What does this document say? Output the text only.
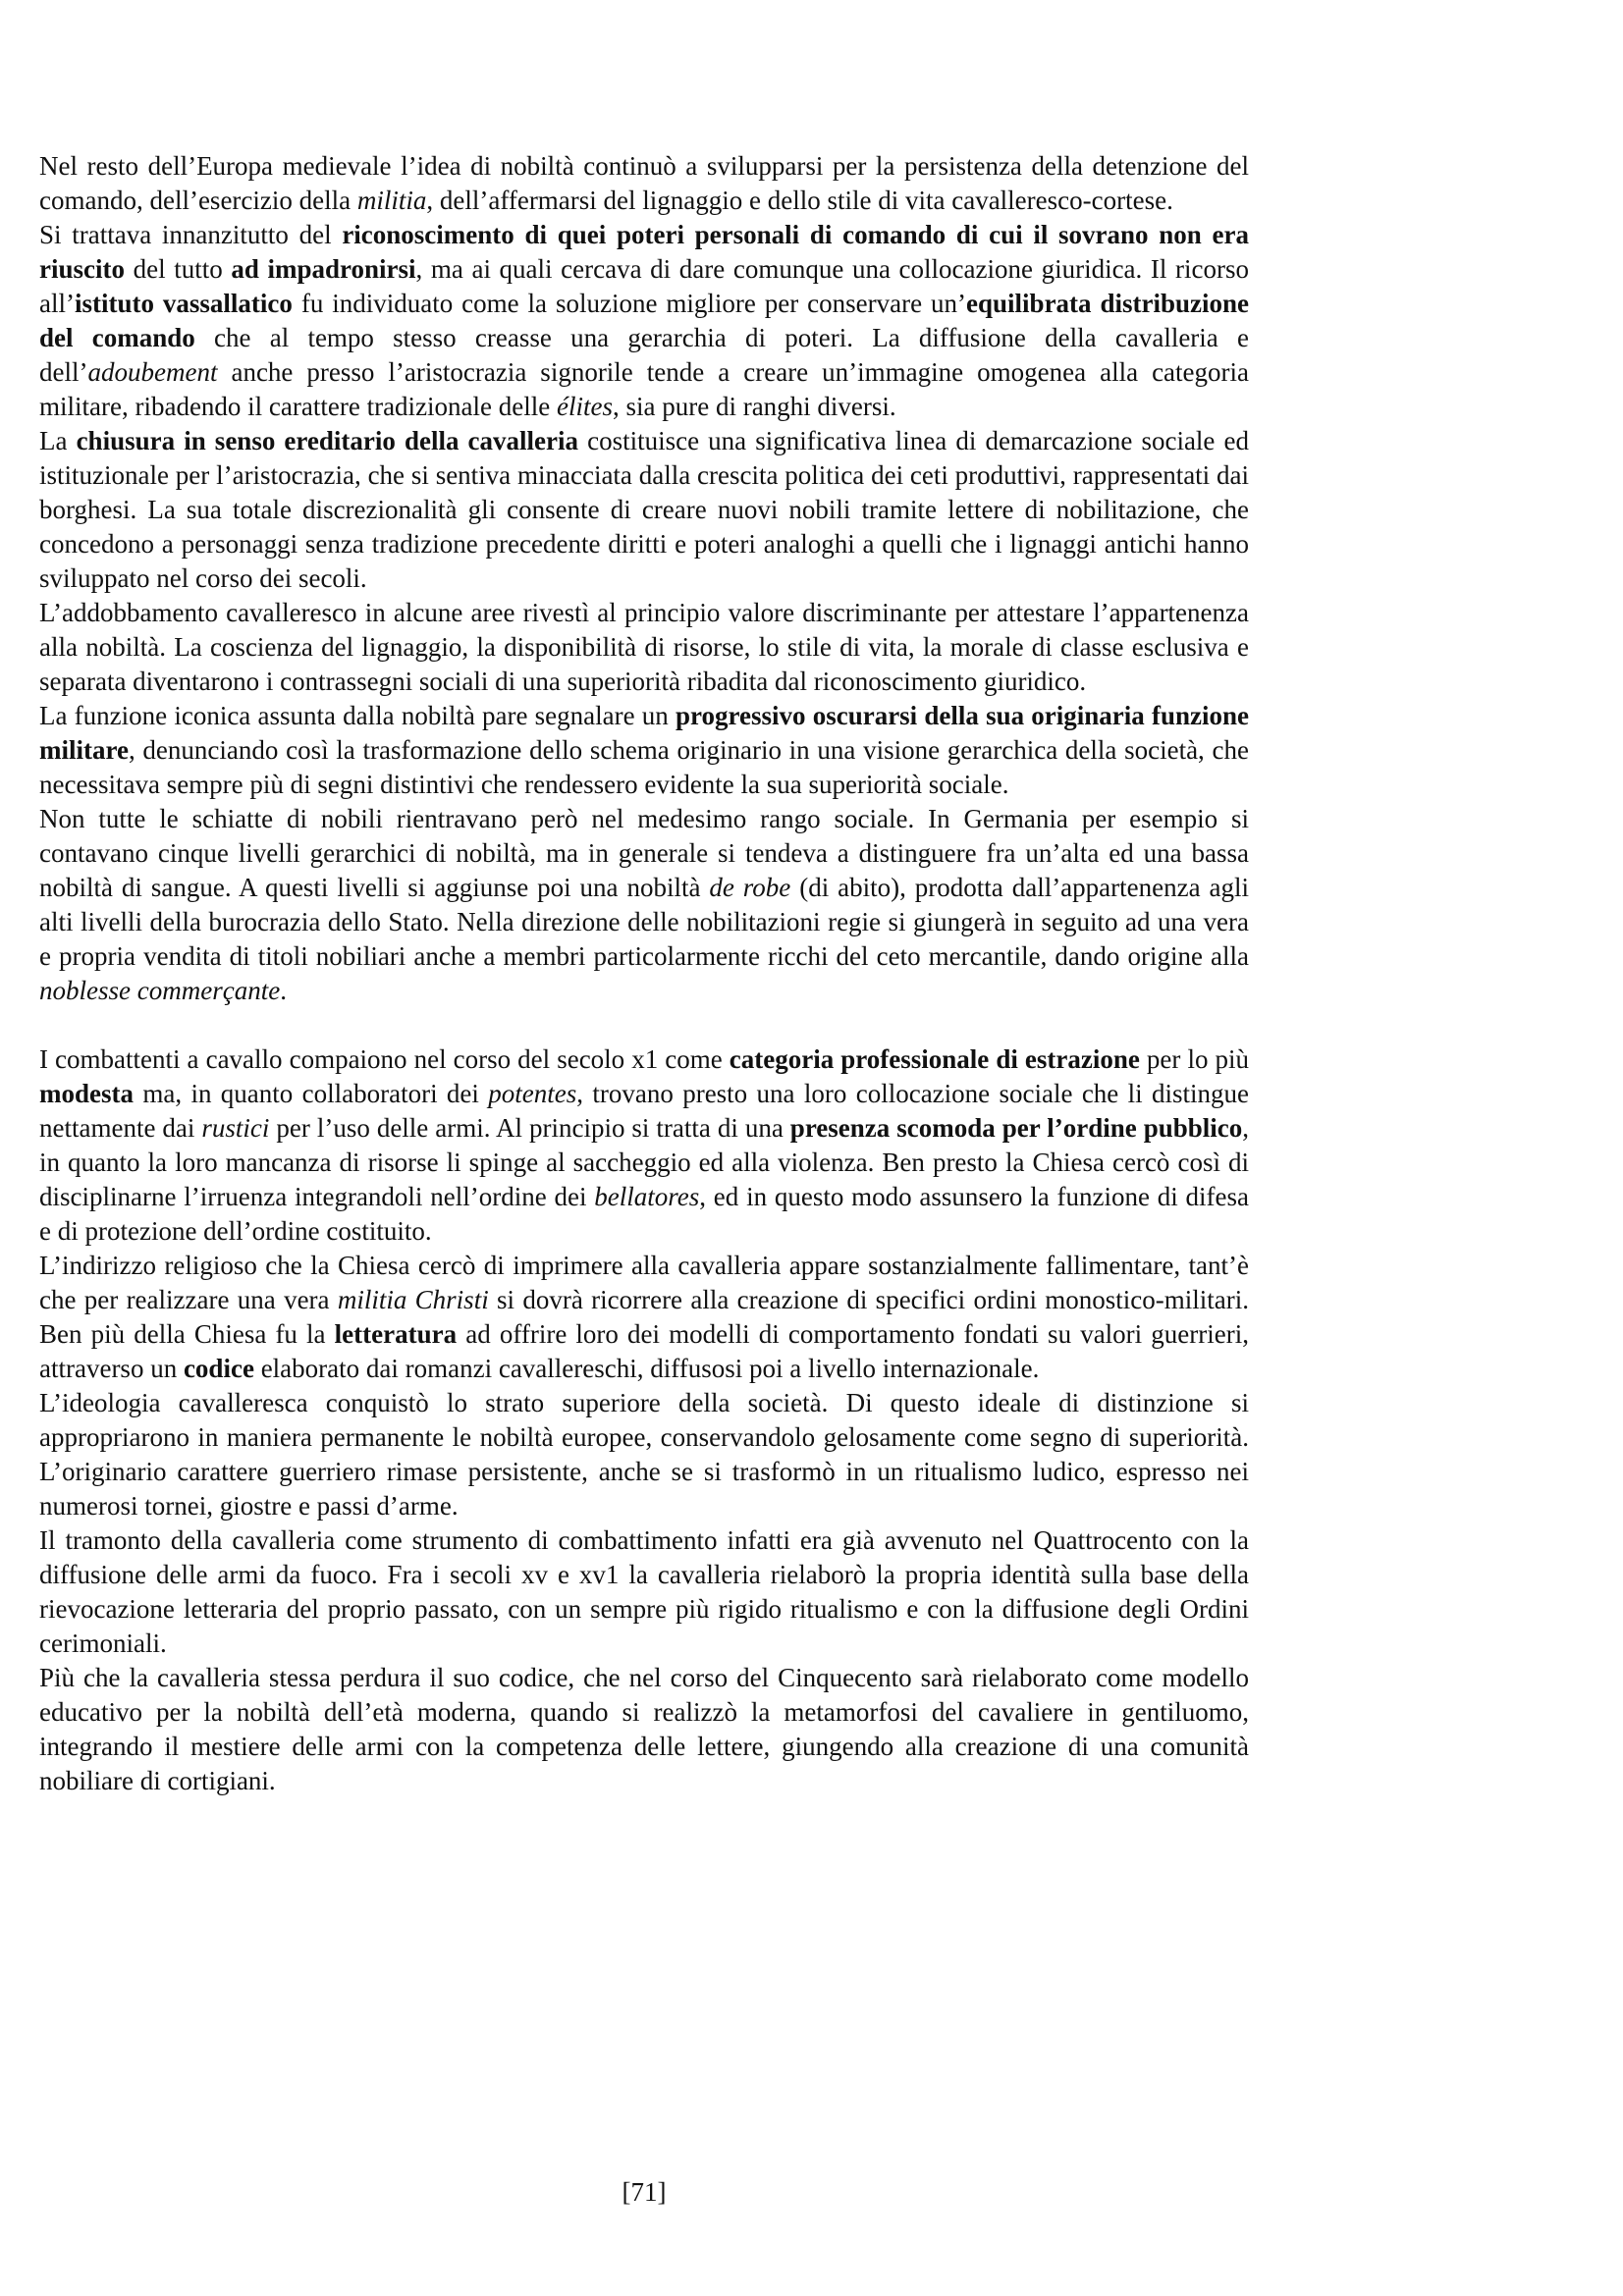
Nel resto dell’Europa medievale l’idea di nobiltà continuò a svilupparsi per la persistenza della detenzione del comando, dell’esercizio della militia, dell’affermarsi del lignaggio e dello stile di vita cavalleresco-cortese.

Si trattava innanzitutto del riconoscimento di quei poteri personali di comando di cui il sovrano non era riuscito del tutto ad impadronirsi, ma ai quali cercava di dare comunque una collocazione giuridica. Il ricorso all’istituto vassallatico fu individuato come la soluzione migliore per conservare un’equilibrata distribuzione del comando che al tempo stesso creasse una gerarchia di poteri. La diffusione della cavalleria e dell’adoubement anche presso l’aristocrazia signorile tende a creare un’immagine omogenea alla categoria militare, ribadendo il carattere tradizionale delle élites, sia pure di ranghi diversi.

La chiusura in senso ereditario della cavalleria costituisce una significativa linea di demarcazione sociale ed istituzionale per l’aristocrazia, che si sentiva minacciata dalla crescita politica dei ceti produttivi, rappresentati dai borghesi. La sua totale discrezionalità gli consente di creare nuovi nobili tramite lettere di nobilitazione, che concedono a personaggi senza tradizione precedente diritti e poteri analoghi a quelli che i lignaggi antichi hanno sviluppato nel corso dei secoli.

L’addobbamento cavalleresco in alcune aree rivestì al principio valore discriminante per attestare l’appartenenza alla nobiltà. La coscienza del lignaggio, la disponibilità di risorse, lo stile di vita, la morale di classe esclusiva e separata diventarono i contrassegni sociali di una superiorità ribadita dal riconoscimento giuridico.

La funzione iconica assunta dalla nobiltà pare segnalare un progressivo oscurarsi della sua originaria funzione militare, denunciando così la trasformazione dello schema originario in una visione gerarchica della società, che necessitava sempre più di segni distintivi che rendessero evidente la sua superiorità sociale.

Non tutte le schiatte di nobili rientravano però nel medesimo rango sociale. In Germania per esempio si contavano cinque livelli gerarchici di nobiltà, ma in generale si tendeva a distinguere fra un’alta ed una bassa nobiltà di sangue. A questi livelli si aggiunse poi una nobiltà de robe (di abito), prodotta dall’appartenenza agli alti livelli della burocrazia dello Stato. Nella direzione delle nobilitazioni regie si giungerà in seguito ad una vera e propria vendita di titoli nobiliari anche a membri particolarmente ricchi del ceto mercantile, dando origine alla noblesse commerçante.

I combattenti a cavallo compaiono nel corso del secolo x1 come categoria professionale di estrazione per lo più modesta ma, in quanto collaboratori dei potentes, trovano presto una loro collocazione sociale che li distingue nettamente dai rustici per l’uso delle armi. Al principio si tratta di una presenza scomoda per l’ordine pubblico, in quanto la loro mancanza di risorse li spinge al saccheggio ed alla violenza. Ben presto la Chiesa cercò così di disciplinarne l’irruenza integrandoli nell’ordine dei bellatores, ed in questo modo assunsero la funzione di difesa e di protezione dell’ordine costituito.

L’indirizzo religioso che la Chiesa cercò di imprimere alla cavalleria appare sostanzialmente fallimentare, tant’è che per realizzare una vera militia Christi si dovrà ricorrere alla creazione di specifici ordini monostico-militari. Ben più della Chiesa fu la letteratura ad offrire loro dei modelli di comportamento fondati su valori guerrieri, attraverso un codice elaborato dai romanzi cavallereschi, diffusosi poi a livello internazionale.

L’ideologia cavalleresca conquistò lo strato superiore della società. Di questo ideale di distinzione si appropriarono in maniera permanente le nobiltà europee, conservandolo gelosamente come segno di superiorità. L’originario carattere guerriero rimase persistente, anche se si trasformò in un ritualismo ludico, espresso nei numerosi tornei, giostre e passi d’arme.

Il tramonto della cavalleria come strumento di combattimento infatti era già avvenuto nel Quattrocento con la diffusione delle armi da fuoco. Fra i secoli xv e xv1 la cavalleria rielaborò la propria identità sulla base della rievocazione letteraria del proprio passato, con un sempre più rigido ritualismo e con la diffusione degli Ordini cerimoniali.

Più che la cavalleria stessa perdura il suo codice, che nel corso del Cinquecento sarà rielaborato come modello educativo per la nobiltà dell’età moderna, quando si realizzò la metamorfosi del cavaliere in gentiluomo, integrando il mestiere delle armi con la competenza delle lettere, giungendo alla creazione di una comunità nobiliare di cortigiani.

[71]
